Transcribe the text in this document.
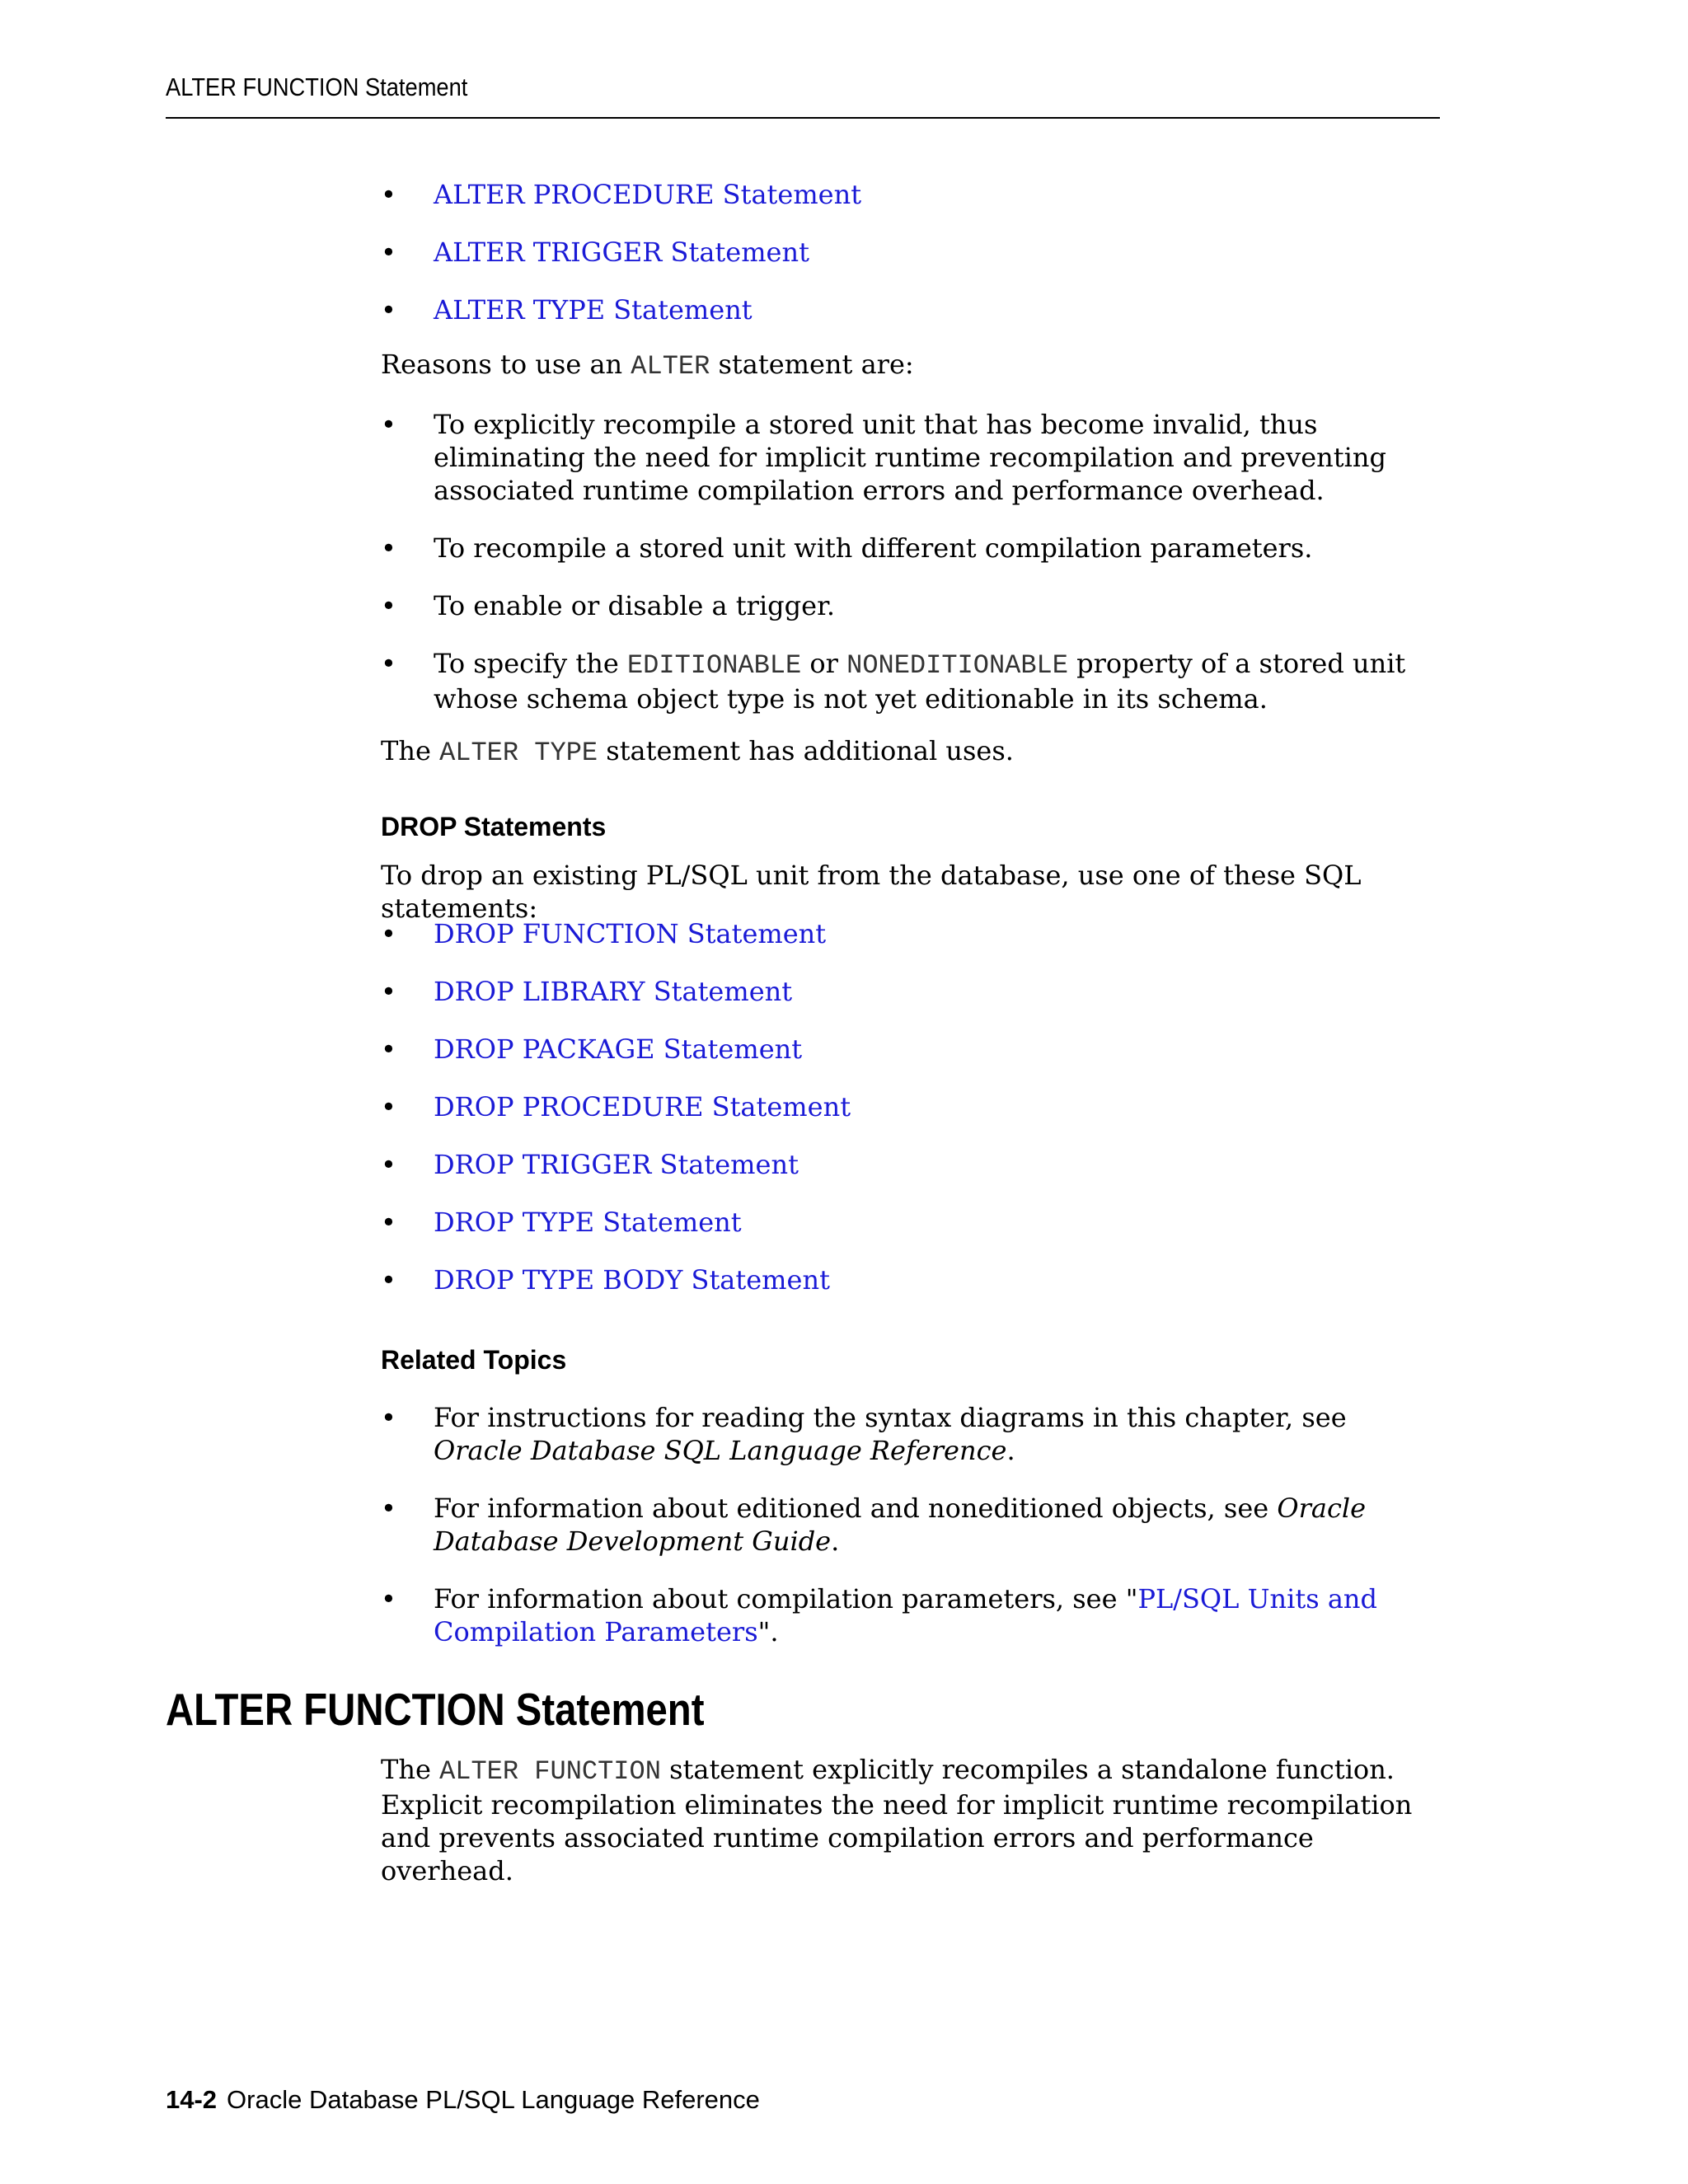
ALTER FUNCTION Statement
•	ALTER PROCEDURE Statement
•	ALTER TRIGGER Statement
•	ALTER TYPE Statement

Reasons to use an ALTER statement are:

•	To explicitly recompile a stored unit that has become invalid, thus eliminating the need for implicit runtime recompilation and preventing associated runtime compilation errors and performance overhead.
•	To recompile a stored unit with different compilation parameters.
•	To enable or disable a trigger.
•	To specify the EDITIONABLE or NONEDITIONABLE property of a stored unit whose schema object type is not yet editionable in its schema.

The ALTER TYPE statement has additional uses.

DROP Statements

To drop an existing PL/SQL unit from the database, use one of these SQL statements:

•	DROP FUNCTION Statement
•	DROP LIBRARY Statement
•	DROP PACKAGE Statement
•	DROP PROCEDURE Statement
•	DROP TRIGGER Statement
•	DROP TYPE Statement
•	DROP TYPE BODY Statement
Related Topics
•	For instructions for reading the syntax diagrams in this chapter, see Oracle Database SQL Language Reference.
•	For information about editioned and noneditioned objects, see Oracle Database Development Guide.
•	For information about compilation parameters, see "PL/SQL Units and Compilation Parameters".
ALTER FUNCTION Statement

The ALTER FUNCTION statement explicitly recompiles a standalone function. Explicit recompilation eliminates the need for implicit runtime recompilation and prevents associated runtime compilation errors and performance overhead.

14-2 Oracle Database PL/SQL Language Reference
